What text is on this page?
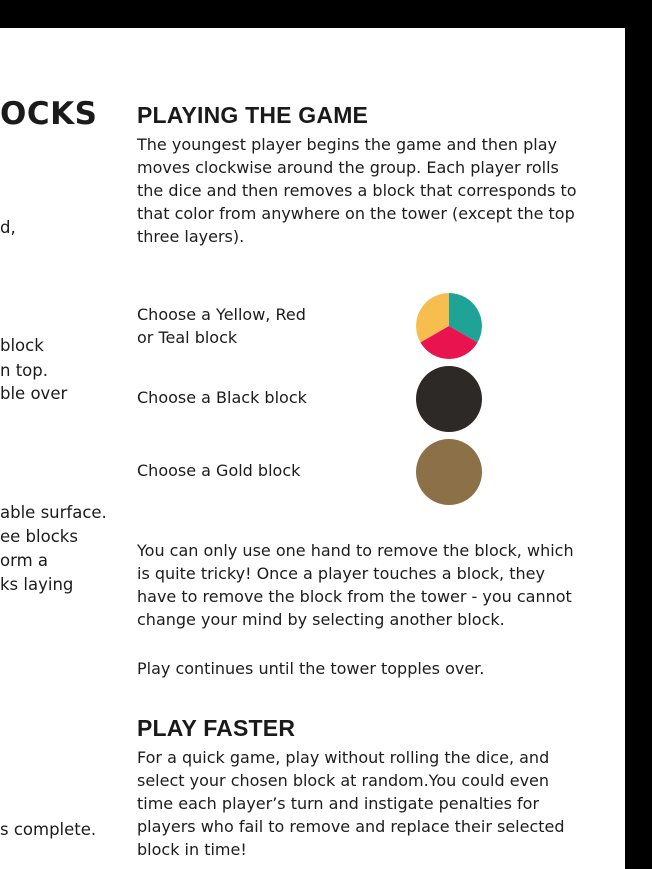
OCKS
d,
block
n top.
ble over
able surface.
ee blocks
orm a
ks laying
s complete.
PLAYING THE GAME

The youngest player begins the game and then play moves clockwise around the group. Each player rolls the dice and then removes a block that corresponds to that color from anywhere on the tower (except the top three layers).

Choose a Yellow, Red
or Teal block
Choose a Black block
Choose a Gold block

You can only use one hand to remove the block, which is quite tricky! Once a player touches a block, they have to remove the block from the tower - you cannot change your mind by selecting another block.

Play continues until the tower topples over.

PLAY FASTER

For a quick game, play without rolling the dice, and select your chosen block at random.You could even time each player’s turn and instigate penalties for players who fail to remove and replace their selected block in time!
